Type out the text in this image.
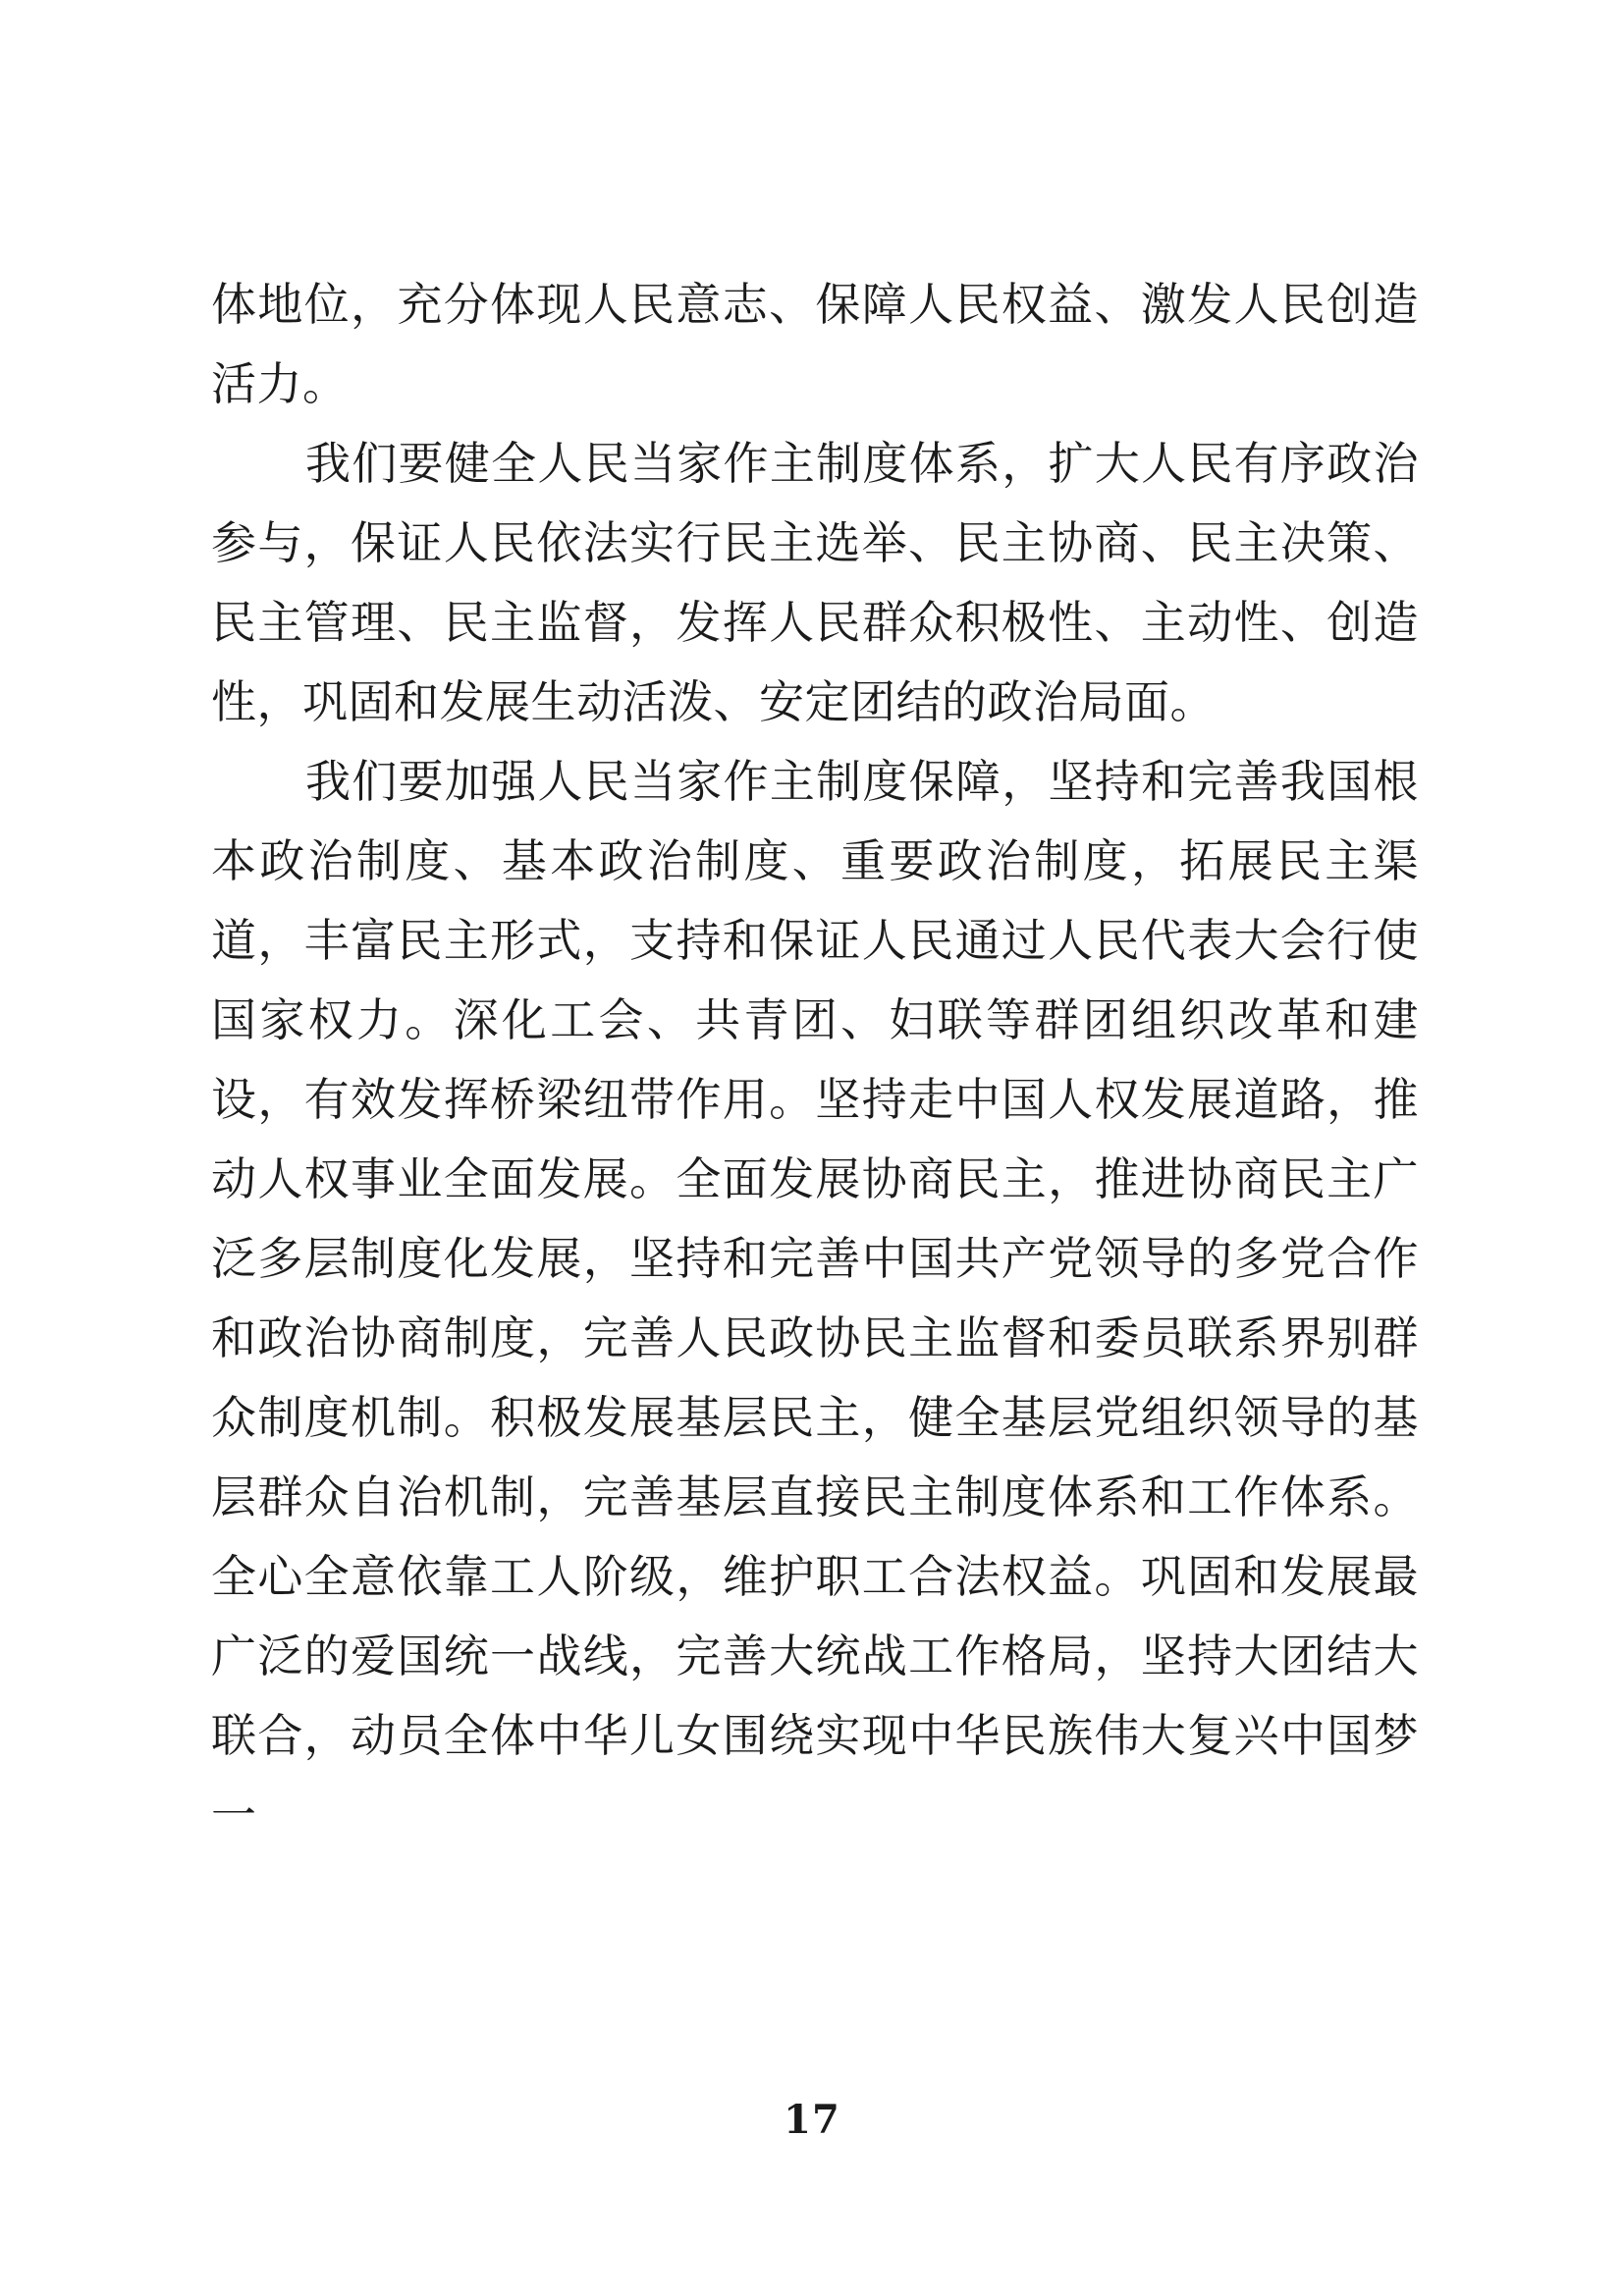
体地位，充分体现人民意志、保障人民权益、激发人民创造活力。

我们要健全人民当家作主制度体系，扩大人民有序政治参与，保证人民依法实行民主选举、民主协商、民主决策、民主管理、民主监督，发挥人民群众积极性、主动性、创造性，巩固和发展生动活泼、安定团结的政治局面。

我们要加强人民当家作主制度保障，坚持和完善我国根本政治制度、基本政治制度、重要政治制度，拓展民主渠道，丰富民主形式，支持和保证人民通过人民代表大会行使国家权力。深化工会、共青团、妇联等群团组织改革和建设，有效发挥桥梁纽带作用。坚持走中国人权发展道路，推动人权事业全面发展。全面发展协商民主，推进协商民主广泛多层制度化发展，坚持和完善中国共产党领导的多党合作和政治协商制度，完善人民政协民主监督和委员联系界别群众制度机制。积极发展基层民主，健全基层党组织领导的基层群众自治机制，完善基层直接民主制度体系和工作体系。全心全意依靠工人阶级，维护职工合法权益。巩固和发展最广泛的爱国统一战线，完善大统战工作格局，坚持大团结大联合，动员全体中华儿女围绕实现中华民族伟大复兴中国梦一

17
